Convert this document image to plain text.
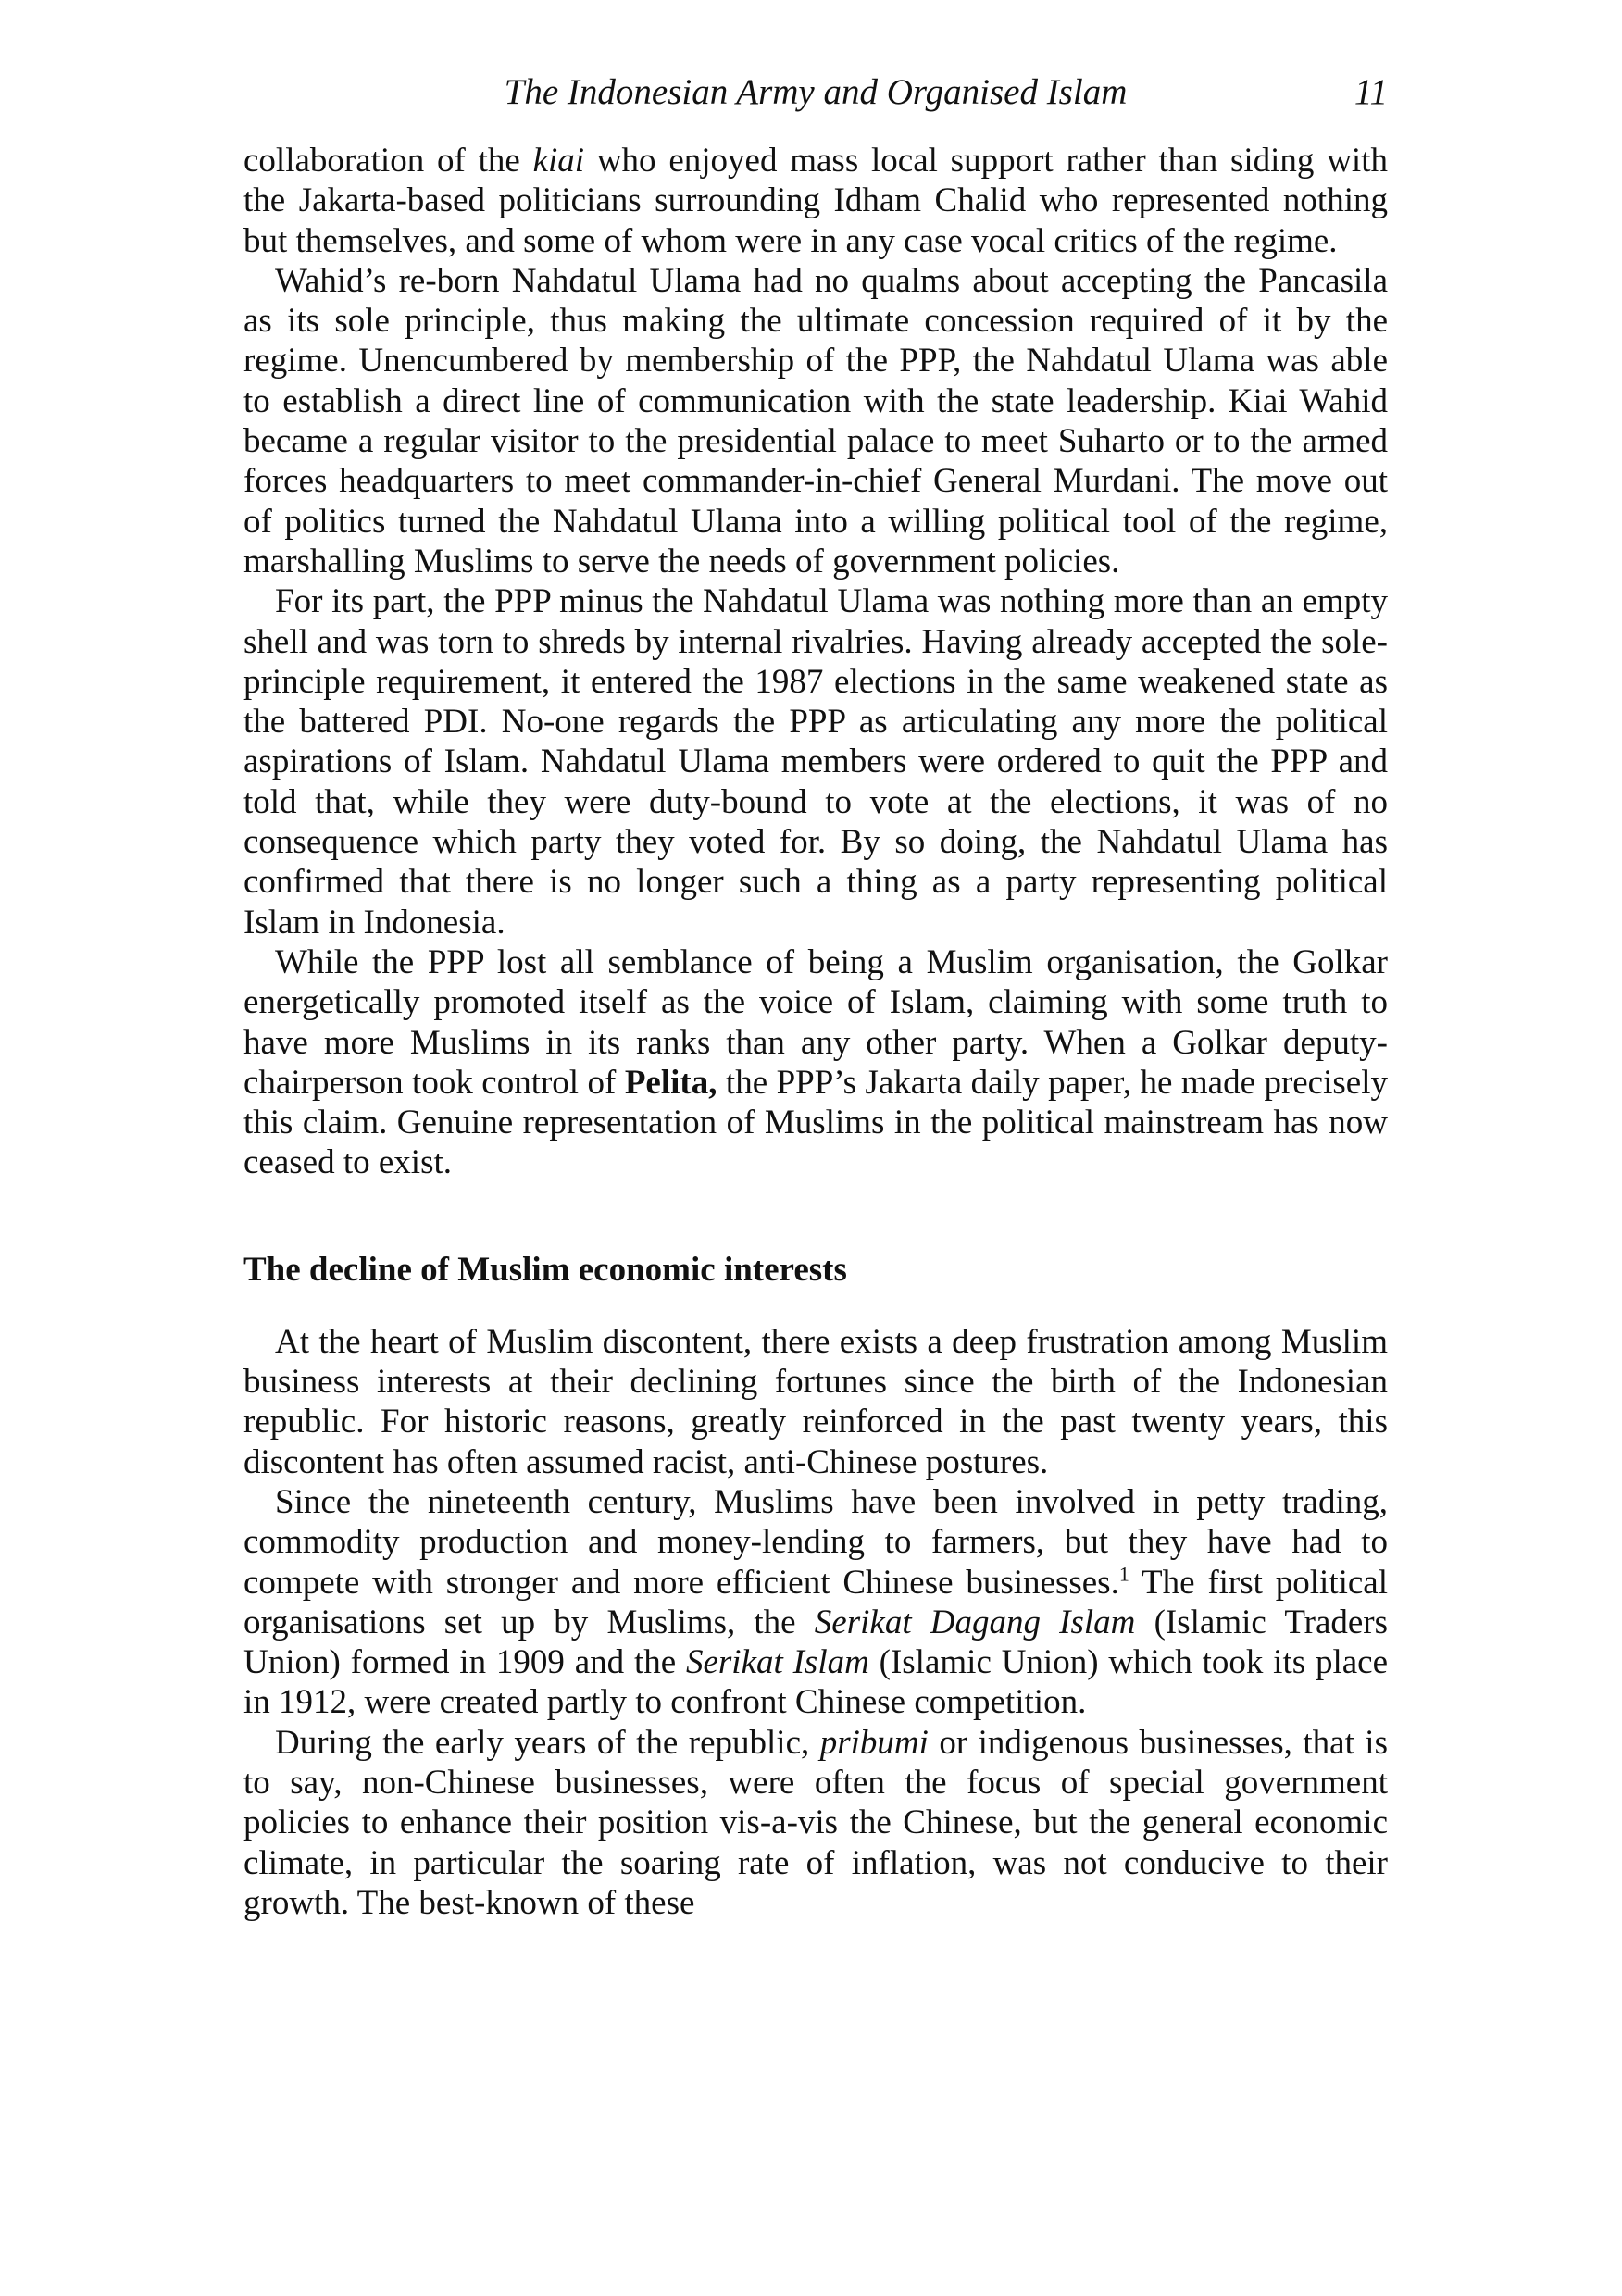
The Indonesian Army and Organised Islam	11

collaboration of the kiai who enjoyed mass local support rather than siding with the Jakarta-based politicians surrounding Idham Chalid who represented nothing but themselves, and some of whom were in any case vocal critics of the regime.

Wahid’s re-born Nahdatul Ulama had no qualms about accepting the Pancasila as its sole principle, thus making the ultimate concession required of it by the regime. Unencumbered by membership of the PPP, the Nahdatul Ulama was able to establish a direct line of communication with the state leadership. Kiai Wahid became a regular visitor to the presidential palace to meet Suharto or to the armed forces headquarters to meet commander-in-chief General Murdani. The move out of politics turned the Nahdatul Ulama into a willing political tool of the regime, marshalling Muslims to serve the needs of government policies.

For its part, the PPP minus the Nahdatul Ulama was nothing more than an empty shell and was torn to shreds by internal rivalries. Having already accepted the sole-principle requirement, it entered the 1987 elections in the same weakened state as the battered PDI. No-one regards the PPP as articulating any more the political aspirations of Islam. Nahdatul Ulama members were ordered to quit the PPP and told that, while they were duty-bound to vote at the elections, it was of no consequence which party they voted for. By so doing, the Nahdatul Ulama has confirmed that there is no longer such a thing as a party representing political Islam in Indonesia.

While the PPP lost all semblance of being a Muslim organisation, the Golkar energetically promoted itself as the voice of Islam, claiming with some truth to have more Muslims in its ranks than any other party. When a Golkar deputy-chairperson took control of Pelita, the PPP’s Jakarta daily paper, he made precisely this claim. Genuine representation of Muslims in the political mainstream has now ceased to exist.

The decline of Muslim economic interests

At the heart of Muslim discontent, there exists a deep frustration among Muslim business interests at their declining fortunes since the birth of the Indonesian republic. For historic reasons, greatly reinforced in the past twenty years, this discontent has often assumed racist, anti-Chinese postures.

Since the nineteenth century, Muslims have been involved in petty trading, commodity production and money-lending to farmers, but they have had to compete with stronger and more efficient Chinese businesses.$^1$ The first political organisations set up by Muslims, the Serikat Dagang Islam (Islamic Traders Union) formed in 1909 and the Serikat Islam (Islamic Union) which took its place in 1912, were created partly to confront Chinese competition.

During the early years of the republic, pribumi or indigenous businesses, that is to say, non-Chinese businesses, were often the focus of special government policies to enhance their position vis-a-vis the Chinese, but the general economic climate, in particular the soaring rate of inflation, was not conducive to their growth. The best-known of these
